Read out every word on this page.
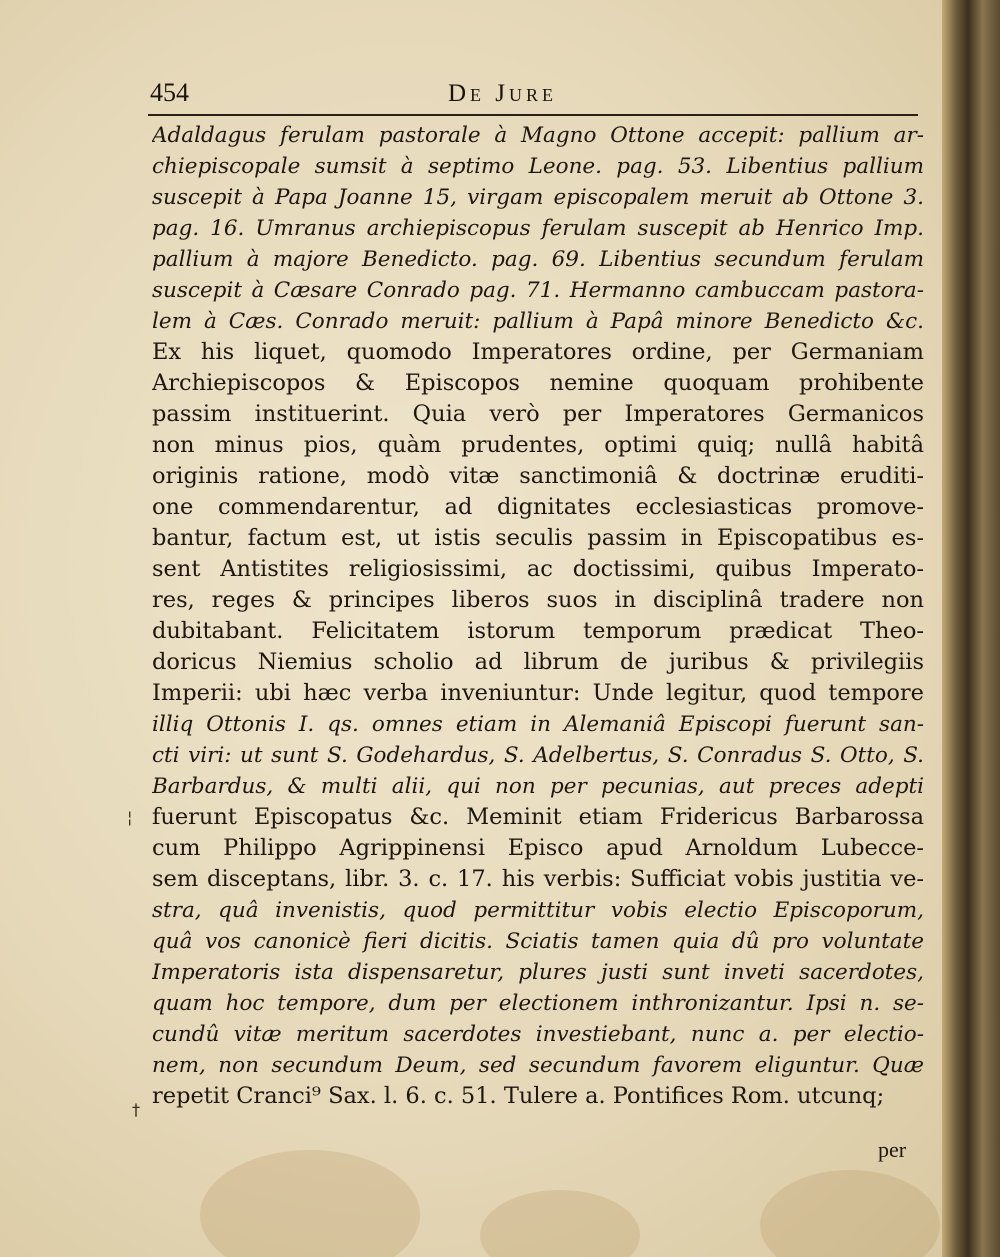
454	De Jure
Adaldagus ferulam pastorale à Magno Ottone accepit: pallium ar-
chiepiscopale sumsit à septimo Leone. pag. 53. Libentius pallium
suscepit à Papa Joanne 15, virgam episcopalem meruit ab Ottone 3.
pag. 16. Umranus archiepiscopus ferulam suscepit ab Henrico Imp.
pallium à majore Benedicto. pag. 69. Libentius secundum ferulam
suscepit à Cæsare Conrado pag. 71. Hermanno cambuccam pastora-
lem à Cæs. Conrado meruit: pallium à Papâ minore Benedicto &c.
Ex his liquet, quomodo Imperatores ordine, per Germaniam
Archiepiscopos & Episcopos nemine quoquam prohibente
passim instituerint. Quia verò per Imperatores Germanicos
non minus pios, quàm prudentes, optimi quiq; nullâ habitâ
originis ratione, modò vitæ sanctimoniâ & doctrinæ eruditi-
one commendarentur, ad dignitates ecclesiasticas promove-
bantur, factum est, ut istis seculis passim in Episcopatibus es-
sent Antistites religiosissimi, ac doctissimi, quibus Imperato-
res, reges & principes liberos suos in disciplinâ tradere non
dubitabant. Felicitatem istorum temporum prædicat Theo-
doricus Niemius scholio ad librum de juribus & privilegiis
Imperii: ubi hæc verba inveniuntur: Unde legitur, quod tempore
illiq Ottonis I. qs. omnes etiam in Alemaniâ Episcopi fuerunt san-
cti viri: ut sunt S. Godehardus, S. Adelbertus, S. Conradus S. Otto, S.
Barbardus, & multi alii, qui non per pecunias, aut preces adepti
fuerunt Episcopatus &c. Meminit etiam Fridericus Barbarossa
cum Philippo Agrippinensi Episco apud Arnoldum Lubecce-
sem disceptans, libr. 3. c. 17. his verbis: Sufficiat vobis justitia ve-
stra, quâ invenistis, quod permittitur vobis electio Episcoporum,
quâ vos canonicè fieri dicitis. Sciatis tamen quia dû pro voluntate
Imperatoris ista dispensaretur, plures justi sunt inveti sacerdotes,
quam hoc tempore, dum per electionem inthronizantur. Ipsi n. se-
cundû vitæ meritum sacerdotes investiebant, nunc a. per electio-
nem, non secundum Deum, sed secundum favorem eliguntur. Quæ
repetit Cranci⁹ Sax. l. 6. c. 51. Tulere a. Pontifices Rom. utcunq;
¦
†
per
